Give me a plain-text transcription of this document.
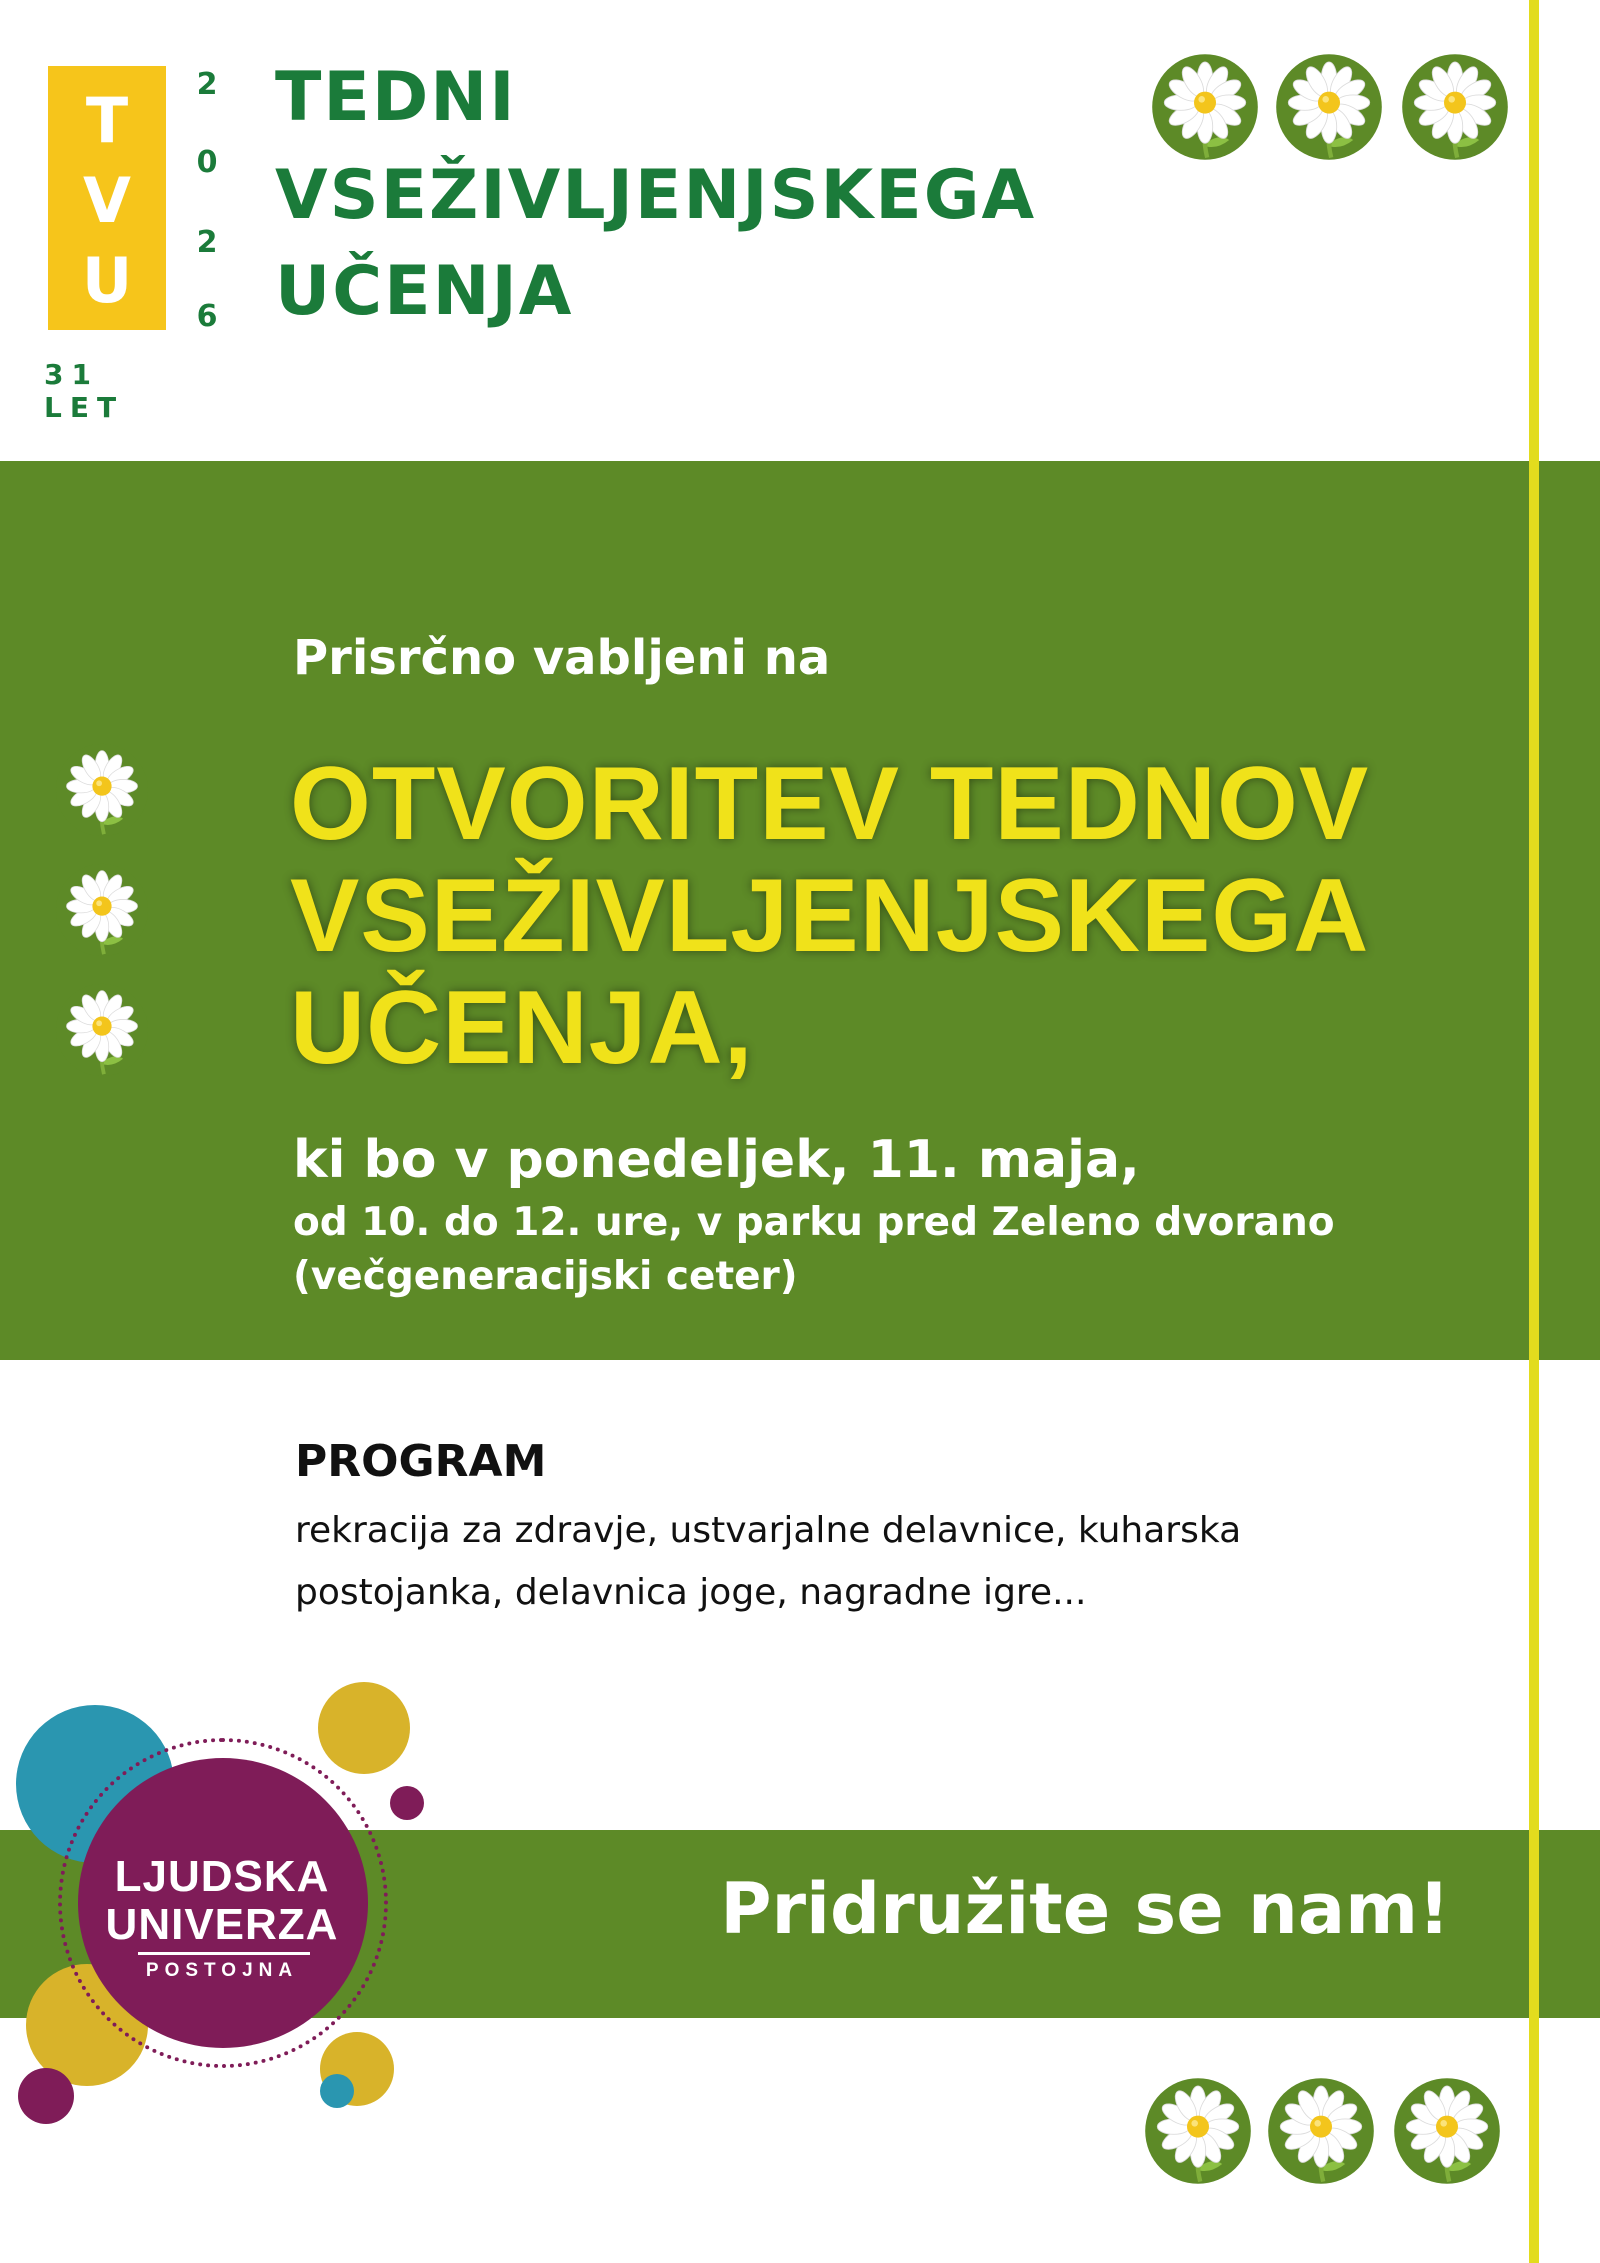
T
V
U
2
0
2
6
31 LET
TEDNI
VSEŽIVLJENJSKEGA
UČENJA
Prisrčno vabljeni na
OTVORITEV TEDNOV
VSEŽIVLJENJSKEGA
UČENJA,
ki bo v ponedeljek, 11. maja,
od 10. do 12. ure, v parku pred Zeleno dvorano
(večgeneracijski ceter)
PROGRAM
rekracija za zdravje, ustvarjalne delavnice, kuharska
postojanka, delavnica joge, nagradne igre...
Pridružite se nam!
LJUDSKA
UNIVERZA
POSTOJNA
